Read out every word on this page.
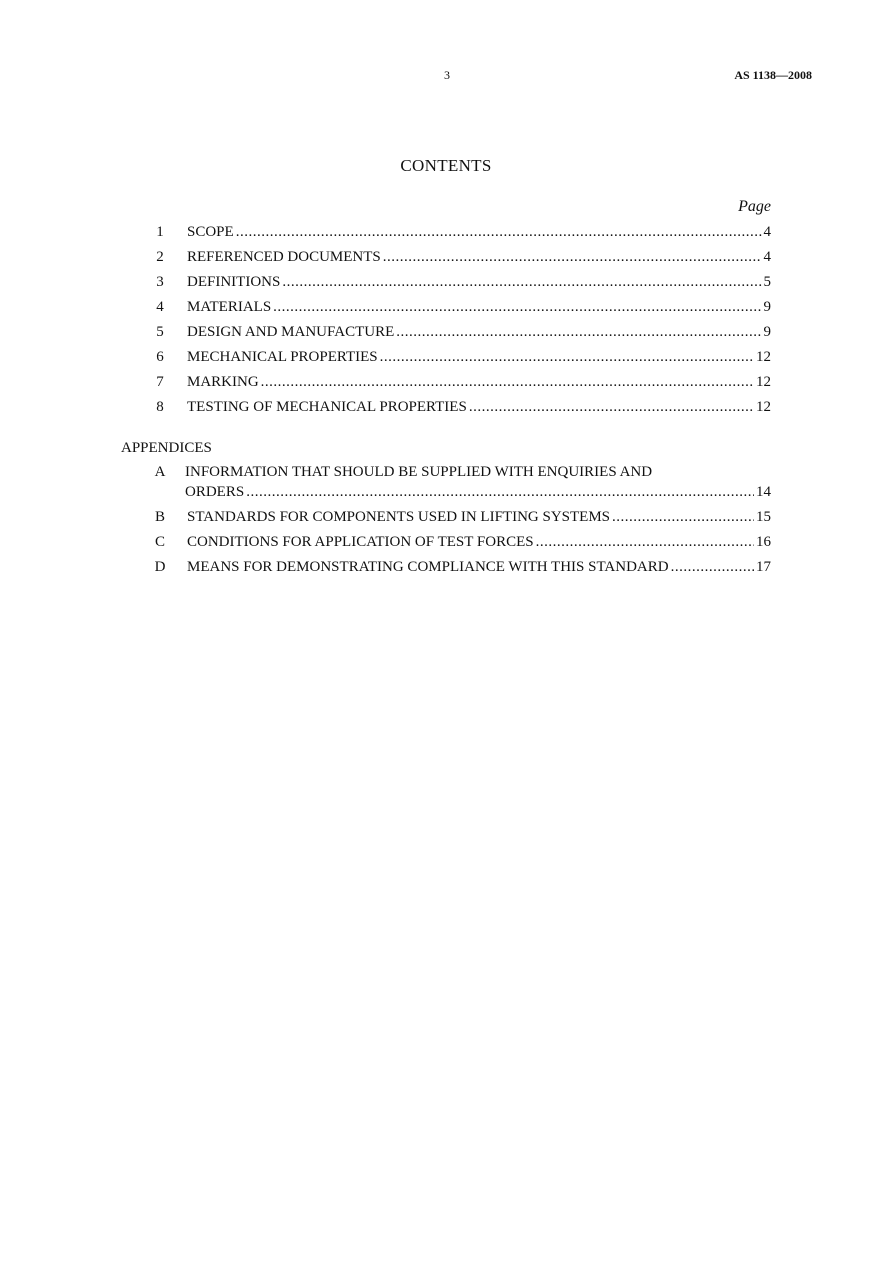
3	AS 1138—2008
CONTENTS
Page
1	SCOPE .....	4
2	REFERENCED DOCUMENTS .....	4
3	DEFINITIONS .....	5
4	MATERIALS .....	9
5	DESIGN AND MANUFACTURE .....	9
6	MECHANICAL PROPERTIES .....	12
7	MARKING .....	12
8	TESTING OF MECHANICAL PROPERTIES .....	12
APPENDICES
A	INFORMATION THAT SHOULD BE SUPPLIED WITH ENQUIRIES AND
ORDERS .....	14
B	STANDARDS FOR COMPONENTS USED IN LIFTING SYSTEMS .....	15
C	CONDITIONS FOR APPLICATION OF TEST FORCES .....	16
D	MEANS FOR DEMONSTRATING COMPLIANCE WITH THIS STANDARD .....	17
